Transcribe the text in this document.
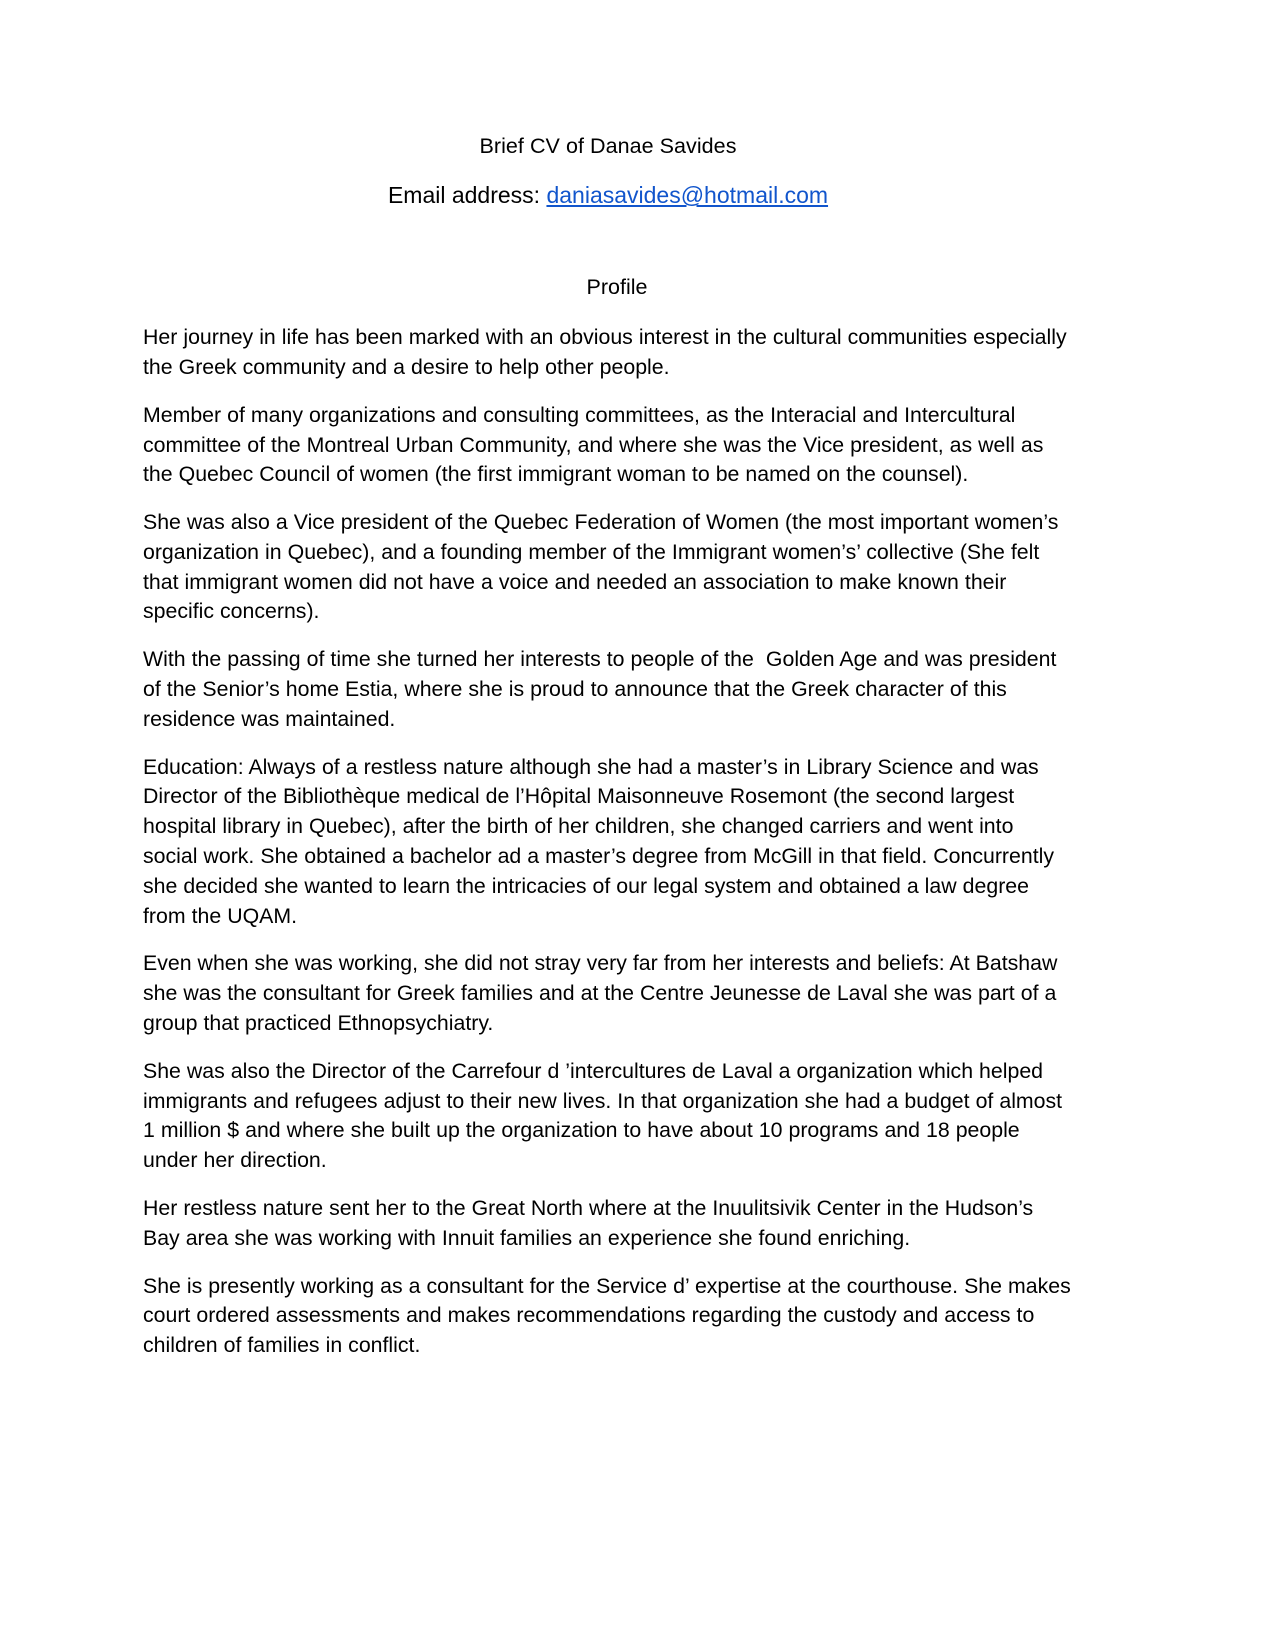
Brief CV of Danae Savides
Email address: daniasavides@hotmail.com
Profile

Her journey in life has been marked with an obvious interest in the cultural communities especially the Greek community and a desire to help other people.

Member of many organizations and consulting committees, as the Interacial and Intercultural committee of the Montreal Urban Community, and where she was the Vice president, as well as the Quebec Council of women (the first immigrant woman to be named on the counsel).

She was also a Vice president of the Quebec Federation of Women (the most important women’s organization in Quebec), and a founding member of the Immigrant women’s’ collective (She felt that immigrant women did not have a voice and needed an association to make known their specific concerns).

With the passing of time she turned her interests to people of the  Golden Age and was president of the Senior’s home Estia, where she is proud to announce that the Greek character of this residence was maintained.

Education: Always of a restless nature although she had a master’s in Library Science and was Director of the Bibliothèque medical de l’Hôpital Maisonneuve Rosemont (the second largest hospital library in Quebec), after the birth of her children, she changed carriers and went into social work. She obtained a bachelor ad a master’s degree from McGill in that field. Concurrently she decided she wanted to learn the intricacies of our legal system and obtained a law degree from the UQAM.

Even when she was working, she did not stray very far from her interests and beliefs: At Batshaw she was the consultant for Greek families and at the Centre Jeunesse de Laval she was part of a group that practiced Ethnopsychiatry.

She was also the Director of the Carrefour d ’intercultures de Laval a organization which helped immigrants and refugees adjust to their new lives. In that organization she had a budget of almost 1 million $ and where she built up the organization to have about 10 programs and 18 people under her direction.

Her restless nature sent her to the Great North where at the Inuulitsivik Center in the Hudson’s Bay area she was working with Innuit families an experience she found enriching.

She is presently working as a consultant for the Service d’ expertise at the courthouse. She makes court ordered assessments and makes recommendations regarding the custody and access to children of families in conflict.
